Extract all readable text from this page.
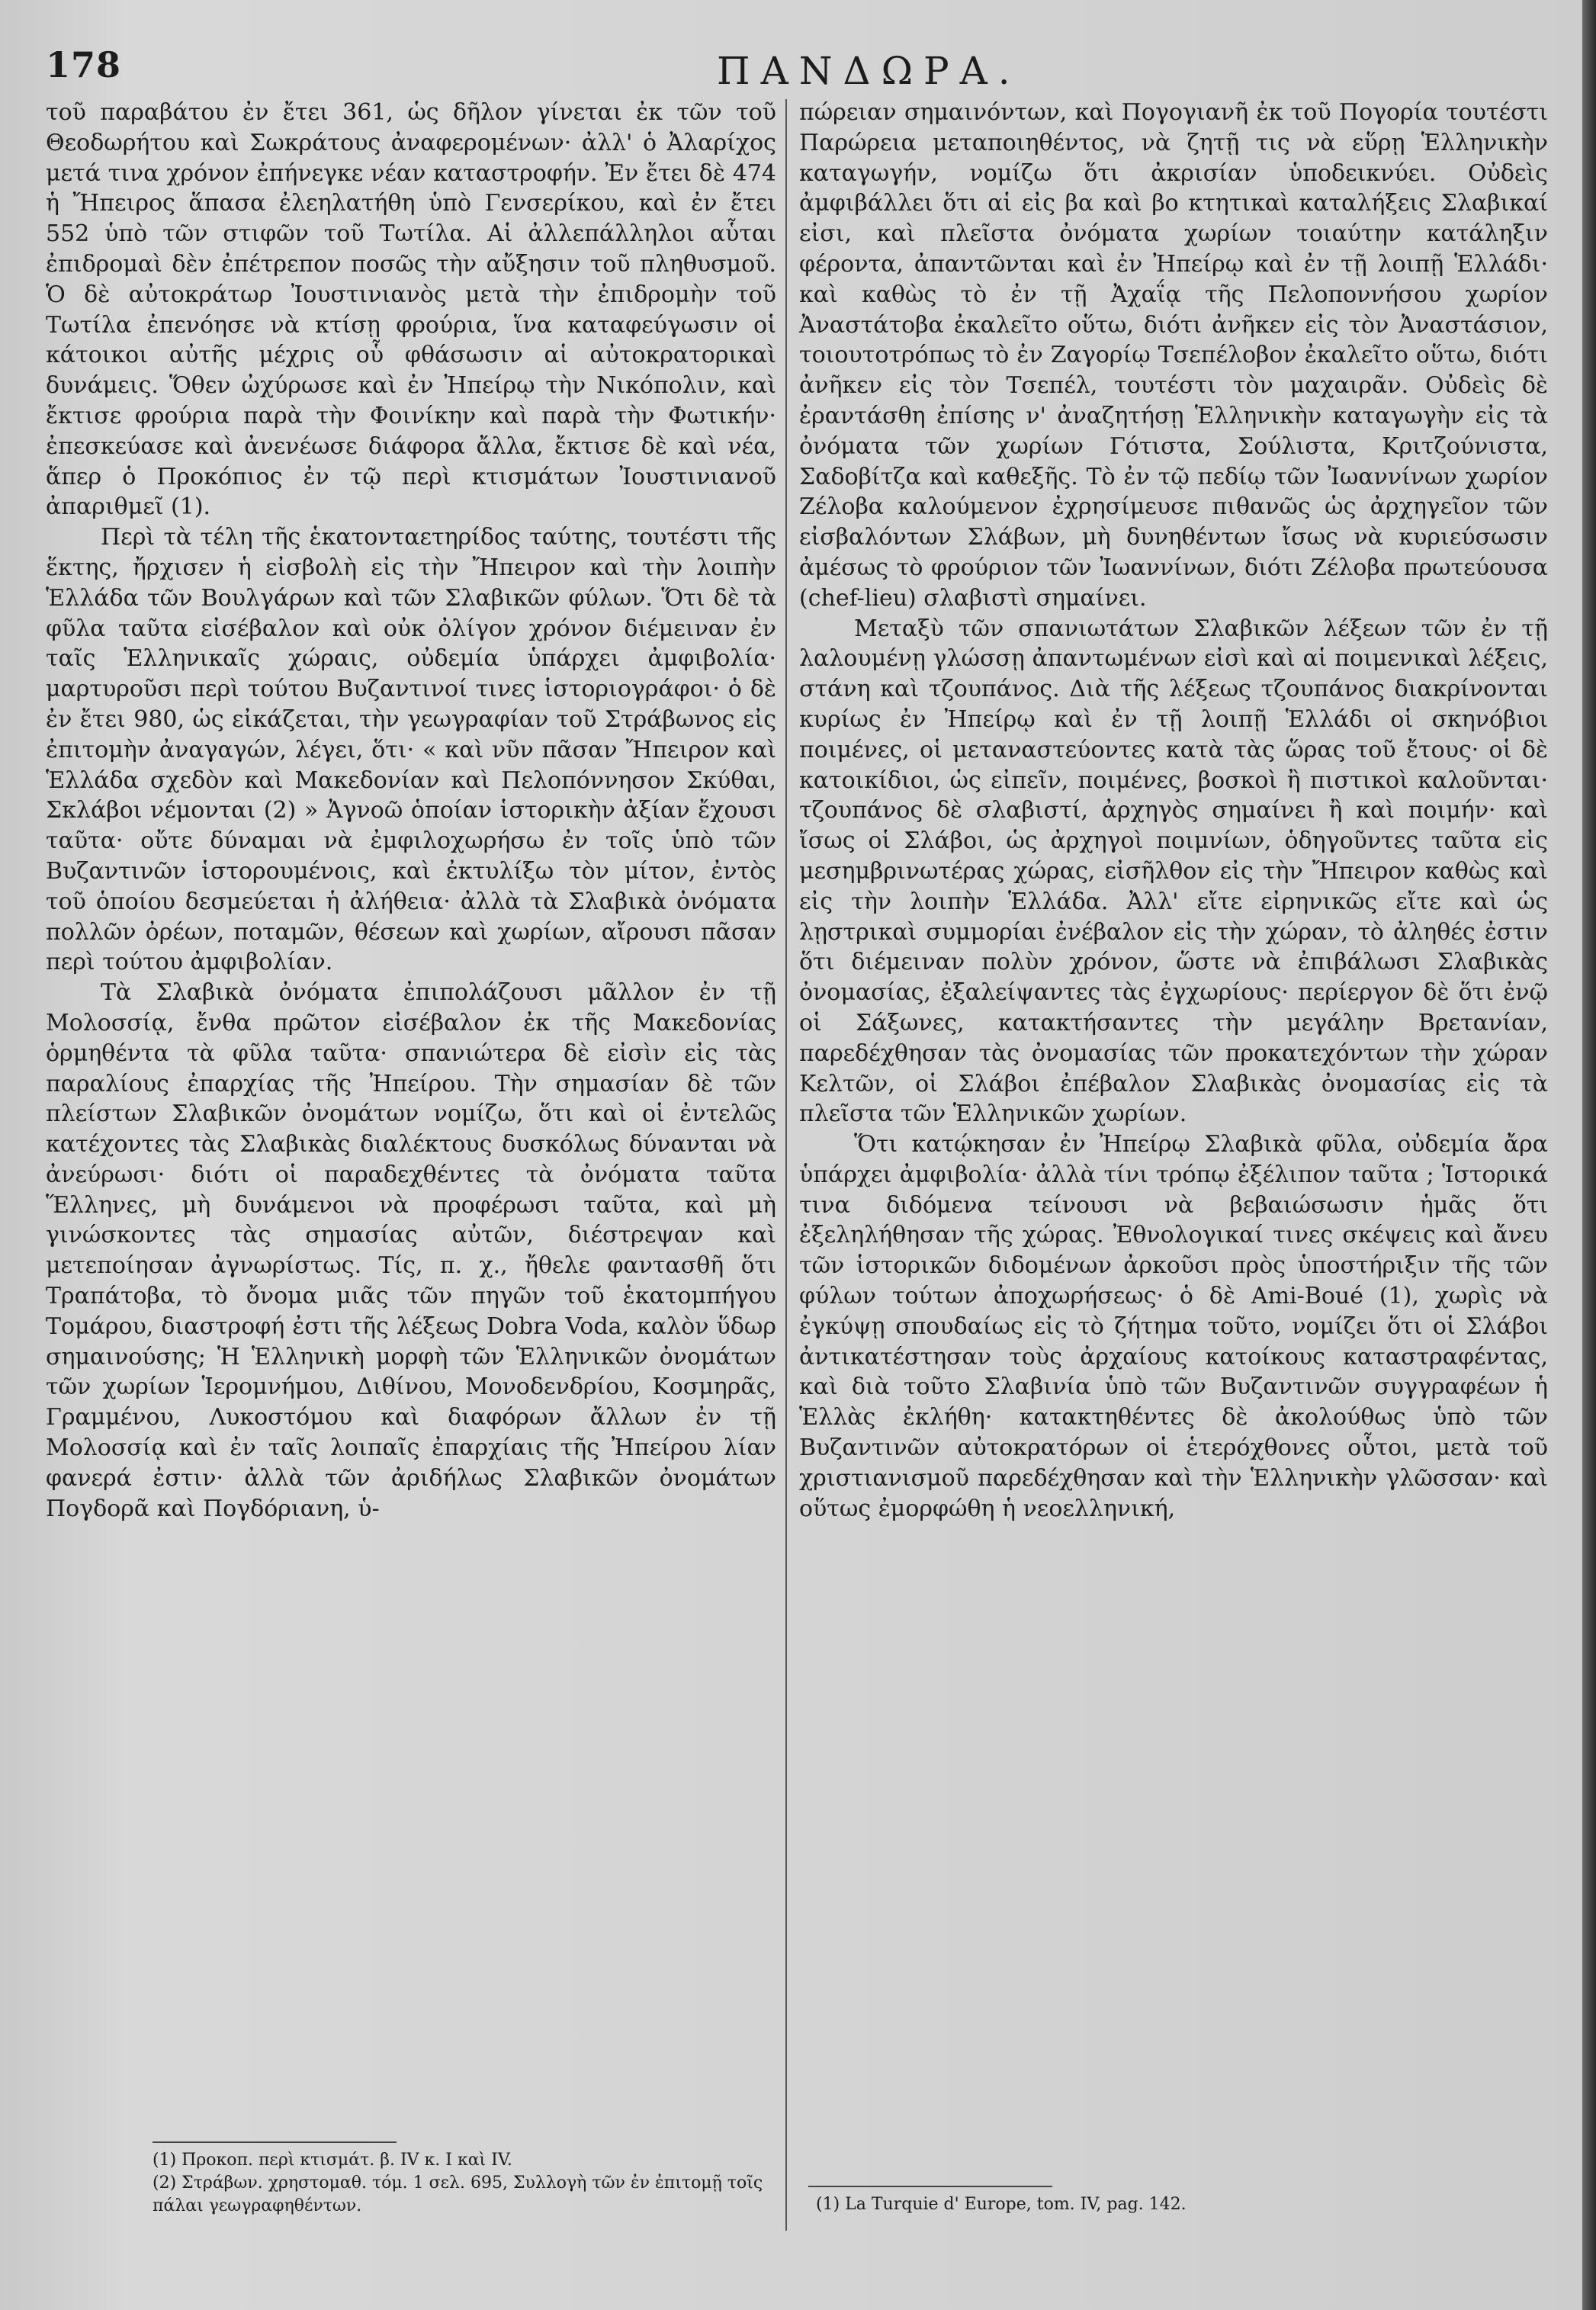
178	ΠΑΝΔΩΡΑ.

τοῦ παραβάτου ἐν ἔτει 361, ὡς δῆλον γίνεται ἐκ τῶν τοῦ Θεοδωρήτου καὶ Σωκράτους ἀναφερομένων· ἀλλ' ὁ Ἀλαρίχος μετά τινα χρόνον ἐπήνεγκε νέαν καταστροφήν. Ἐν ἔτει δὲ 474 ἡ Ἤπειρος ἅπασα ἐλεηλατήθη ὑπὸ Γενσερίκου, καὶ ἐν ἔτει 552 ὑπὸ τῶν στιφῶν τοῦ Τωτίλα. Αἱ ἀλλεπάλληλοι αὗται ἐπιδρομαὶ δὲν ἐπέτρεπον ποσῶς τὴν αὔξησιν τοῦ πληθυσμοῦ. Ὁ δὲ αὐτοκράτωρ Ἰουστινιανὸς μετὰ τὴν ἐπιδρομὴν τοῦ Τωτίλα ἐπενόησε νὰ κτίσῃ φρούρια, ἵνα καταφεύγωσιν οἱ κάτοικοι αὐτῆς μέχρις οὗ φθάσωσιν αἱ αὐτοκρατορικαὶ δυνάμεις. Ὅθεν ὠχύρωσε καὶ ἐν Ἠπείρῳ τὴν Νικόπολιν, καὶ ἔκτισε φρούρια παρὰ τὴν Φοινίκην καὶ παρὰ τὴν Φωτικήν· ἐπεσκεύασε καὶ ἀνενέωσε διάφορα ἄλλα, ἔκτισε δὲ καὶ νέα, ἅπερ ὁ Προκόπιος ἐν τῷ περὶ κτισμάτων Ἰουστινιανοῦ ἀπαριθμεῖ (1).

Περὶ τὰ τέλη τῆς ἑκατονταετηρίδος ταύτης, τουτέστι τῆς ἕκτης, ἤρχισεν ἡ εἰσβολὴ εἰς τὴν Ἤπειρον καὶ τὴν λοιπὴν Ἑλλάδα τῶν Βουλγάρων καὶ τῶν Σλαβικῶν φύλων. Ὅτι δὲ τὰ φῦλα ταῦτα εἰσέβαλον καὶ οὐκ ὀλίγον χρόνον διέμειναν ἐν ταῖς Ἑλληνικαῖς χώραις, οὐδεμία ὑπάρχει ἀμφιβολία· μαρτυροῦσι περὶ τούτου Βυζαντινοί τινες ἱστοριογράφοι· ὁ δὲ ἐν ἔτει 980, ὡς εἰκάζεται, τὴν γεωγραφίαν τοῦ Στράβωνος εἰς ἐπιτομὴν ἀναγαγών, λέγει, ὅτι· « καὶ νῦν πᾶσαν Ἤπειρον καὶ Ἑλλάδα σχεδὸν καὶ Μακεδονίαν καὶ Πελοπόννησον Σκύθαι, Σκλάβοι νέμονται (2) » Ἀγνοῶ ὁποίαν ἱστορικὴν ἀξίαν ἔχουσι ταῦτα· οὔτε δύναμαι νὰ ἐμφιλοχωρήσω ἐν τοῖς ὑπὸ τῶν Βυζαντινῶν ἱστορουμένοις, καὶ ἐκτυλίξω τὸν μίτον, ἐντὸς τοῦ ὁποίου δεσμεύεται ἡ ἀλήθεια· ἀλλὰ τὰ Σλαβικὰ ὀνόματα πολλῶν ὀρέων, ποταμῶν, θέσεων καὶ χωρίων, αἴρουσι πᾶσαν περὶ τούτου ἀμφιβολίαν.

Τὰ Σλαβικὰ ὀνόματα ἐπιπολάζουσι μᾶλλον ἐν τῇ Μολοσσίᾳ, ἔνθα πρῶτον εἰσέβαλον ἐκ τῆς Μακεδονίας ὁρμηθέντα τὰ φῦλα ταῦτα· σπανιώτερα δὲ εἰσὶν εἰς τὰς παραλίους ἐπαρχίας τῆς Ἠπείρου. Τὴν σημασίαν δὲ τῶν πλείστων Σλαβικῶν ὀνομάτων νομίζω, ὅτι καὶ οἱ ἐντελῶς κατέχοντες τὰς Σλαβικὰς διαλέκτους δυσκόλως δύνανται νὰ ἀνεύρωσι· διότι οἱ παραδεχθέντες τὰ ὀνόματα ταῦτα Ἕλληνες, μὴ δυνάμενοι νὰ προφέρωσι ταῦτα, καὶ μὴ γινώσκοντες τὰς σημασίας αὐτῶν, διέστρεψαν καὶ μετεποίησαν ἀγνωρίστως. Τίς, π. χ., ἤθελε φαντασθῆ ὅτι Τραπάτοβα, τὸ ὄνομα μιᾶς τῶν πηγῶν τοῦ ἑκατομπήγου Τομάρου, διαστροφή ἐστι τῆς λέξεως Dobra Voda, καλὸν ὕδωρ σημαινούσης; Ἡ Ἑλληνικὴ μορφὴ τῶν Ἑλληνικῶν ὀνομάτων τῶν χωρίων Ἱερομνήμου, Διθίνου, Μονοδενδρίου, Κοσμηρᾶς, Γραμμένου, Λυκοστόμου καὶ διαφόρων ἄλλων ἐν τῇ Μολοσσίᾳ καὶ ἐν ταῖς λοιπαῖς ἐπαρχίαις τῆς Ἠπείρου λίαν φανερά ἐστιν· ἀλλὰ τῶν ἀριδήλως Σλαβικῶν ὀνομάτων Πογδορᾶ καὶ Πογδόριανη, ὑ-

πώρειαν σημαινόντων, καὶ Πογογιανῆ ἐκ τοῦ Πογορία τουτέστι Παρώρεια μεταποιηθέντος, νὰ ζητῇ τις νὰ εὕρῃ Ἑλληνικὴν καταγωγήν, νομίζω ὅτι ἀκρισίαν ὑποδεικνύει. Οὐδεὶς ἀμφιβάλλει ὅτι αἱ εἰς βα καὶ βο κτητικαὶ καταλήξεις Σλαβικαί εἰσι, καὶ πλεῖστα ὀνόματα χωρίων τοιαύτην κατάληξιν φέροντα, ἀπαντῶνται καὶ ἐν Ἠπείρῳ καὶ ἐν τῇ λοιπῇ Ἑλλάδι· καὶ καθὼς τὸ ἐν τῇ Ἀχαΐᾳ τῆς Πελοποννήσου χωρίον Ἀναστάτοβα ἐκαλεῖτο οὕτω, διότι ἀνῆκεν εἰς τὸν Ἀναστάσιον, τοιουτοτρόπως τὸ ἐν Ζαγορίῳ Τσεπέλοβον ἐκαλεῖτο οὕτω, διότι ἀνῆκεν εἰς τὸν Τσεπέλ, τουτέστι τὸν μαχαιρᾶν. Οὐδεὶς δὲ ἐραντάσθη ἐπίσης ν' ἀναζητήσῃ Ἑλληνικὴν καταγωγὴν εἰς τὰ ὀνόματα τῶν χωρίων Γότιστα, Σούλιστα, Κριτζούνιστα, Σαδοβίτζα καὶ καθεξῆς. Τὸ ἐν τῷ πεδίῳ τῶν Ἰωαννίνων χωρίον Ζέλοβα καλούμενον ἐχρησίμευσε πιθανῶς ὡς ἀρχηγεῖον τῶν εἰσβαλόντων Σλάβων, μὴ δυνηθέντων ἴσως νὰ κυριεύσωσιν ἀμέσως τὸ φρούριον τῶν Ἰωαννίνων, διότι Ζέλοβα πρωτεύουσα (chef-lieu) σλαβιστὶ σημαίνει.

Μεταξὺ τῶν σπανιωτάτων Σλαβικῶν λέξεων τῶν ἐν τῇ λαλουμένῃ γλώσσῃ ἀπαντωμένων εἰσὶ καὶ αἱ ποιμενικαὶ λέξεις, στάνη καὶ τζουπάνος. Διὰ τῆς λέξεως τζουπάνος διακρίνονται κυρίως ἐν Ἠπείρῳ καὶ ἐν τῇ λοιπῇ Ἑλλάδι οἱ σκηνόβιοι ποιμένες, οἱ μεταναστεύοντες κατὰ τὰς ὥρας τοῦ ἔτους· οἱ δὲ κατοικίδιοι, ὡς εἰπεῖν, ποιμένες, βοσκοὶ ἢ πιστικοὶ καλοῦνται· τζουπάνος δὲ σλαβιστί, ἀρχηγὸς σημαίνει ἢ καὶ ποιμήν· καὶ ἴσως οἱ Σλάβοι, ὡς ἀρχηγοὶ ποιμνίων, ὁδηγοῦντες ταῦτα εἰς μεσημβρινωτέρας χώρας, εἰσῆλθον εἰς τὴν Ἤπειρον καθὼς καὶ εἰς τὴν λοιπὴν Ἑλλάδα. Ἀλλ' εἴτε εἰρηνικῶς εἴτε καὶ ὡς λῃστρικαὶ συμμορίαι ἐνέβαλον εἰς τὴν χώραν, τὸ ἀληθές ἐστιν ὅτι διέμειναν πολὺν χρόνον, ὥστε νὰ ἐπιβάλωσι Σλαβικὰς ὀνομασίας, ἐξαλείψαντες τὰς ἐγχωρίους· περίεργον δὲ ὅτι ἐνῷ οἱ Σάξωνες, κατακτήσαντες τὴν μεγάλην Βρετανίαν, παρεδέχθησαν τὰς ὀνομασίας τῶν προκατεχόντων τὴν χώραν Κελτῶν, οἱ Σλάβοι ἐπέβαλον Σλαβικὰς ὀνομασίας εἰς τὰ πλεῖστα τῶν Ἑλληνικῶν χωρίων.

Ὅτι κατῴκησαν ἐν Ἠπείρῳ Σλαβικὰ φῦλα, οὐδεμία ἄρα ὑπάρχει ἀμφιβολία· ἀλλὰ τίνι τρόπῳ ἐξέλιπον ταῦτα ; Ἱστορικά τινα διδόμενα τείνουσι νὰ βεβαιώσωσιν ἡμᾶς ὅτι ἐξεληλήθησαν τῆς χώρας. Ἐθνολογικαί τινες σκέψεις καὶ ἄνευ τῶν ἱστορικῶν διδομένων ἀρκοῦσι πρὸς ὑποστήριξιν τῆς τῶν φύλων τούτων ἀποχωρήσεως· ὁ δὲ Ami-Boué (1), χωρὶς νὰ ἐγκύψῃ σπουδαίως εἰς τὸ ζήτημα τοῦτο, νομίζει ὅτι οἱ Σλάβοι ἀντικατέστησαν τοὺς ἀρχαίους κατοίκους καταστραφέντας, καὶ διὰ τοῦτο Σλαβινία ὑπὸ τῶν Βυζαντινῶν συγγραφέων ἡ Ἑλλὰς ἐκλήθη· κατακτηθέντες δὲ ἀκολούθως ὑπὸ τῶν Βυζαντινῶν αὐτοκρατόρων οἱ ἑτερόχθονες οὗτοι, μετὰ τοῦ χριστιανισμοῦ παρεδέχθησαν καὶ τὴν Ἑλληνικὴν γλῶσσαν· καὶ οὕτως ἐμορφώθη ἡ νεοελληνική,

(1) Προκοπ. περὶ κτισμάτ. β. IV κ. I καὶ IV.

(2) Στράβων. χρηστομαθ. τόμ. 1 σελ. 695, Συλλογὴ τῶν ἐν ἐπιτομῇ τοῖς πάλαι γεωγραφηθέντων.	(1) La Turquie d' Europe, tom. IV, pag. 142.
